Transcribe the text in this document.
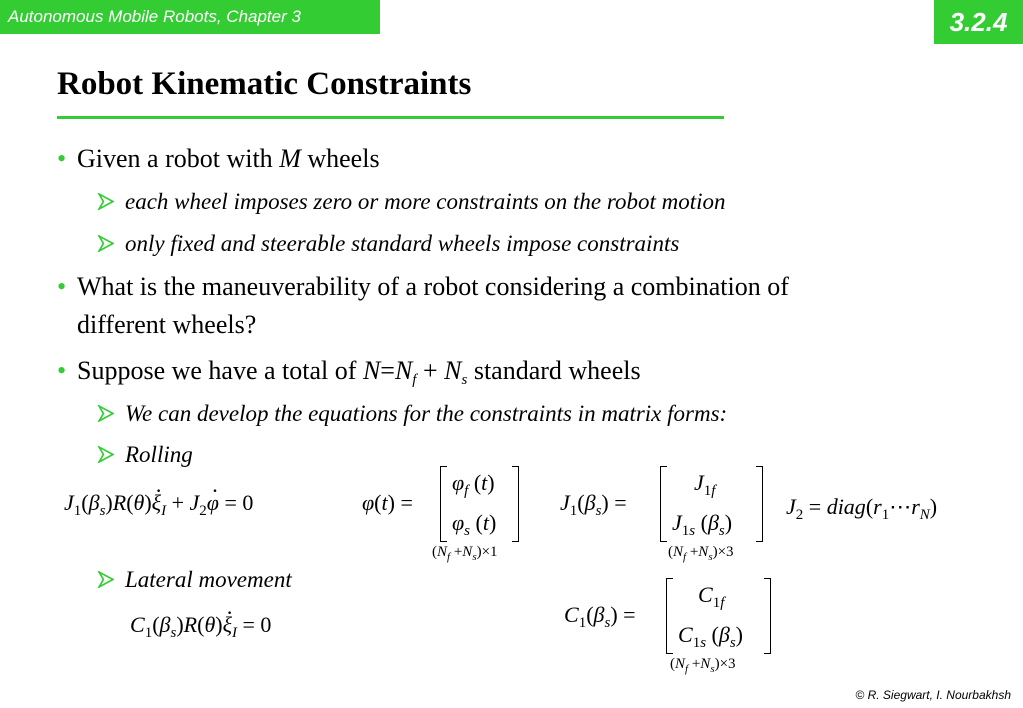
Autonomous Mobile Robots, Chapter 3	3.2.4
Robot Kinematic Constraints
• Given a robot with M wheels
each wheel imposes zero or more constraints on the robot motion
only fixed and steerable standard wheels impose constraints
• What is the maneuverability of a robot considering a combination of
different wheels?
• Suppose we have a total of $N=N_f + N_s$ standard wheels
We can develop the equations for the constraints in matrix forms:
Rolling
$J_1(\beta_s)R(\theta)\xi$ $._I + J_2\varphi$ . = 0	φ(t) =
$\varphi_f$ (t)
$\varphi_s$ (t)
$(N_f +N_s)\times 1$
$J_1(\beta_s)$ =
$J_{1f}$
$J_{1s}$ $(\beta_s)$
$(N_f +N_s)\times 3$
$J_2$ = $diag(r_1\cdots r_N)$
Lateral movement
$C_1(\beta_s)R(\theta)\xi$ $._I = 0$	$C_1(\beta_s)$ =
$C_{1f}$
$C_{1s}$ $(\beta_s)$
$(N_f +N_s)\times 3$
© R. Siegwart, I. Nourbakhsh
